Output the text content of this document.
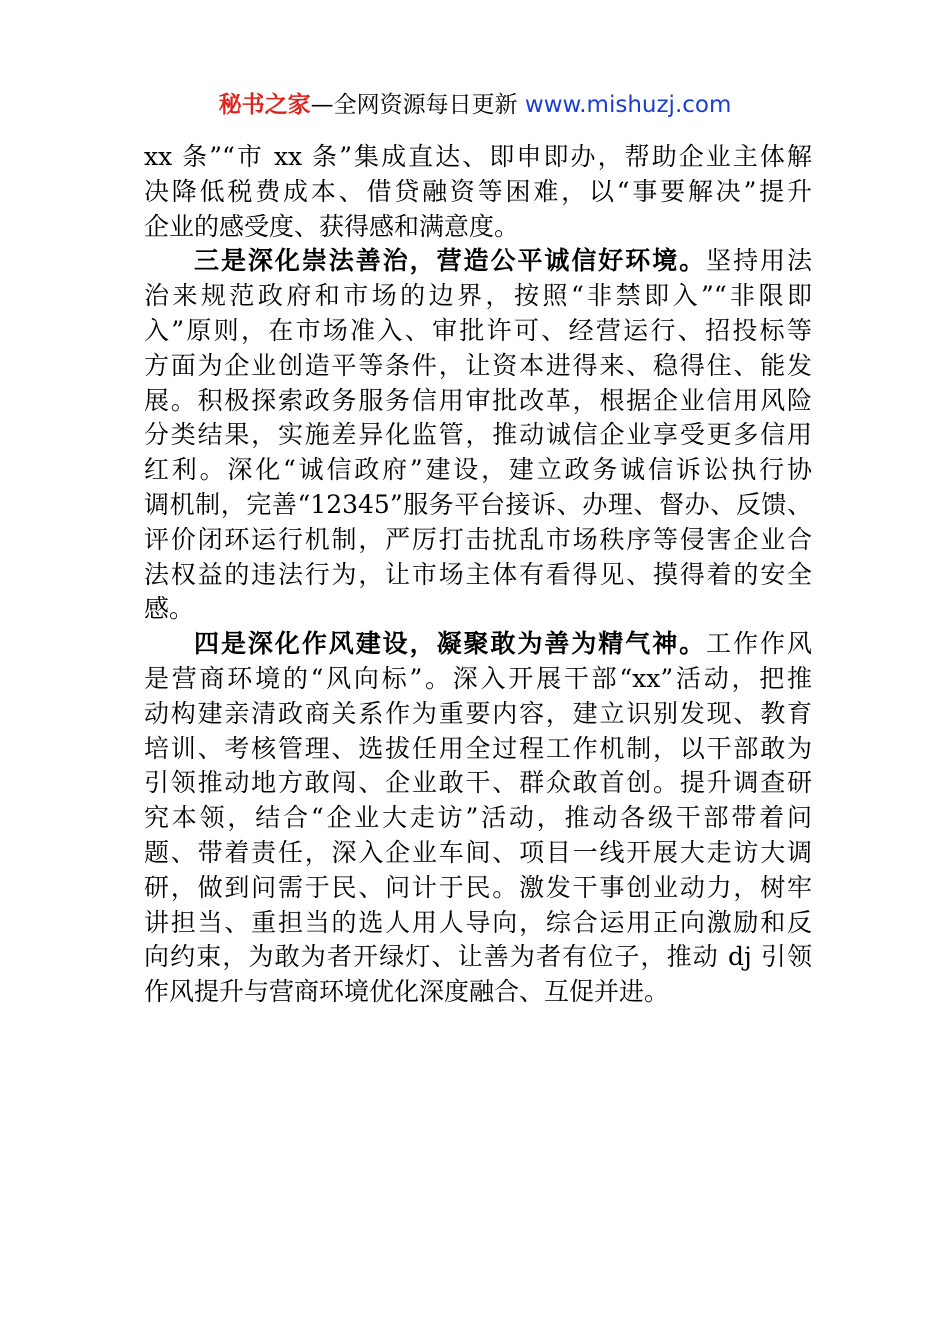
秘书之家—全网资源每日更新 www.mishuzj.com
xx 条”“市 xx 条”集成直达、即申即办，帮助企业主体解
决降低税费成本、借贷融资等困难，以“事要解决”提升
企业的感受度、获得感和满意度。
三是深化崇法善治，营造公平诚信好环境。坚持用法
治来规范政府和市场的边界，按照“非禁即入”“非限即
入”原则，在市场准入、审批许可、经营运行、招投标等
方面为企业创造平等条件，让资本进得来、稳得住、能发
展。积极探索政务服务信用审批改革，根据企业信用风险
分类结果，实施差异化监管，推动诚信企业享受更多信用
红利。深化“诚信政府”建设，建立政务诚信诉讼执行协
调机制，完善“12345”服务平台接诉、办理、督办、反馈、
评价闭环运行机制，严厉打击扰乱市场秩序等侵害企业合
法权益的违法行为，让市场主体有看得见、摸得着的安全
感。
四是深化作风建设，凝聚敢为善为精气神。工作作风
是营商环境的“风向标”。深入开展干部“xx”活动，把推
动构建亲清政商关系作为重要内容，建立识别发现、教育
培训、考核管理、选拔任用全过程工作机制，以干部敢为
引领推动地方敢闯、企业敢干、群众敢首创。提升调查研
究本领，结合“企业大走访”活动，推动各级干部带着问
题、带着责任，深入企业车间、项目一线开展大走访大调
研，做到问需于民、问计于民。激发干事创业动力，树牢
讲担当、重担当的选人用人导向，综合运用正向激励和反
向约束，为敢为者开绿灯、让善为者有位子，推动 dj 引领
作风提升与营商环境优化深度融合、互促并进。
